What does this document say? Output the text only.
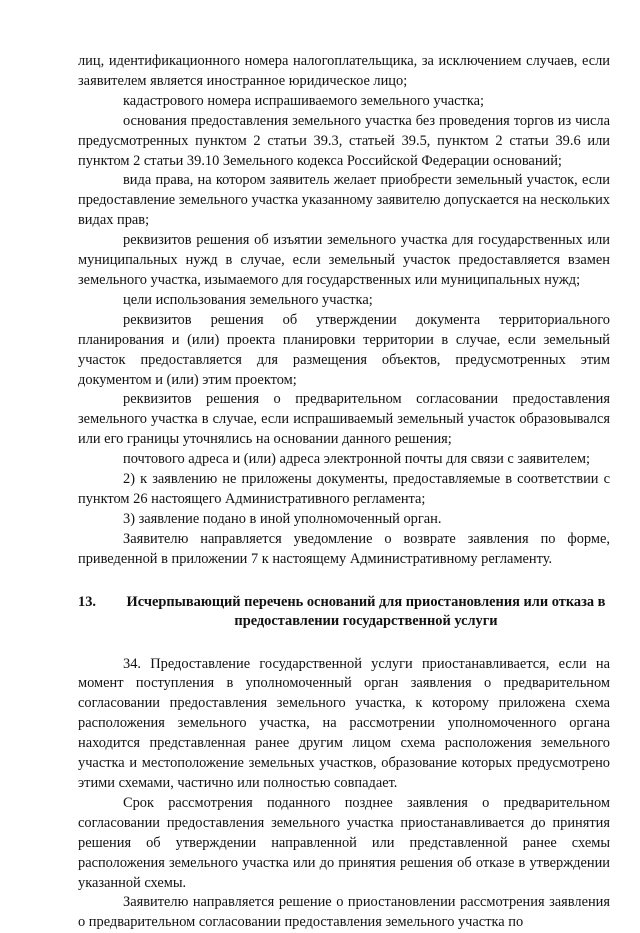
лиц, идентификационного номера налогоплательщика, за исключением случаев, если заявителем является иностранное юридическое лицо;

кадастрового номера испрашиваемого земельного участка;

основания предоставления земельного участка без проведения торгов из числа предусмотренных пунктом 2 статьи 39.3, статьей 39.5, пунктом 2 статьи 39.6 или пунктом 2 статьи 39.10 Земельного кодекса Российской Федерации оснований;

вида права, на котором заявитель желает приобрести земельный участок, если предоставление земельного участка указанному заявителю допускается на нескольких видах прав;

реквизитов решения об изъятии земельного участка для государственных или муниципальных нужд в случае, если земельный участок предоставляется взамен земельного участка, изымаемого для государственных или муниципальных нужд;

цели использования земельного участка;

реквизитов решения об утверждении документа территориального планирования и (или) проекта планировки территории в случае, если земельный участок предоставляется для размещения объектов, предусмотренных этим документом и (или) этим проектом;

реквизитов решения о предварительном согласовании предоставления земельного участка в случае, если испрашиваемый земельный участок образовывался или его границы уточнялись на основании данного решения;

почтового адреса и (или) адреса электронной почты для связи с заявителем;

2) к заявлению не приложены документы, предоставляемые в соответствии с пунктом 26 настоящего Административного регламента;

3) заявление подано в иной уполномоченный орган.

Заявителю направляется уведомление о возврате заявления по форме, приведенной в приложении 7 к настоящему Административному регламенту.

13.	Исчерпывающий перечень оснований для приостановления или отказа в предоставлении государственной услуги

34. Предоставление государственной услуги приостанавливается, если на момент поступления в уполномоченный орган заявления о предварительном согласовании предоставления земельного участка, к которому приложена схема расположения земельного участка, на рассмотрении уполномоченного органа находится представленная ранее другим лицом схема расположения земельного участка и местоположение земельных участков, образование которых предусмотрено этими схемами, частично или полностью совпадает.

Срок рассмотрения поданного позднее заявления о предварительном согласовании предоставления земельного участка приостанавливается до принятия решения об утверждении направленной или представленной ранее схемы расположения земельного участка или до принятия решения об отказе в утверждении указанной схемы.

Заявителю направляется решение о приостановлении рассмотрения заявления о предварительном согласовании предоставления земельного участка по
